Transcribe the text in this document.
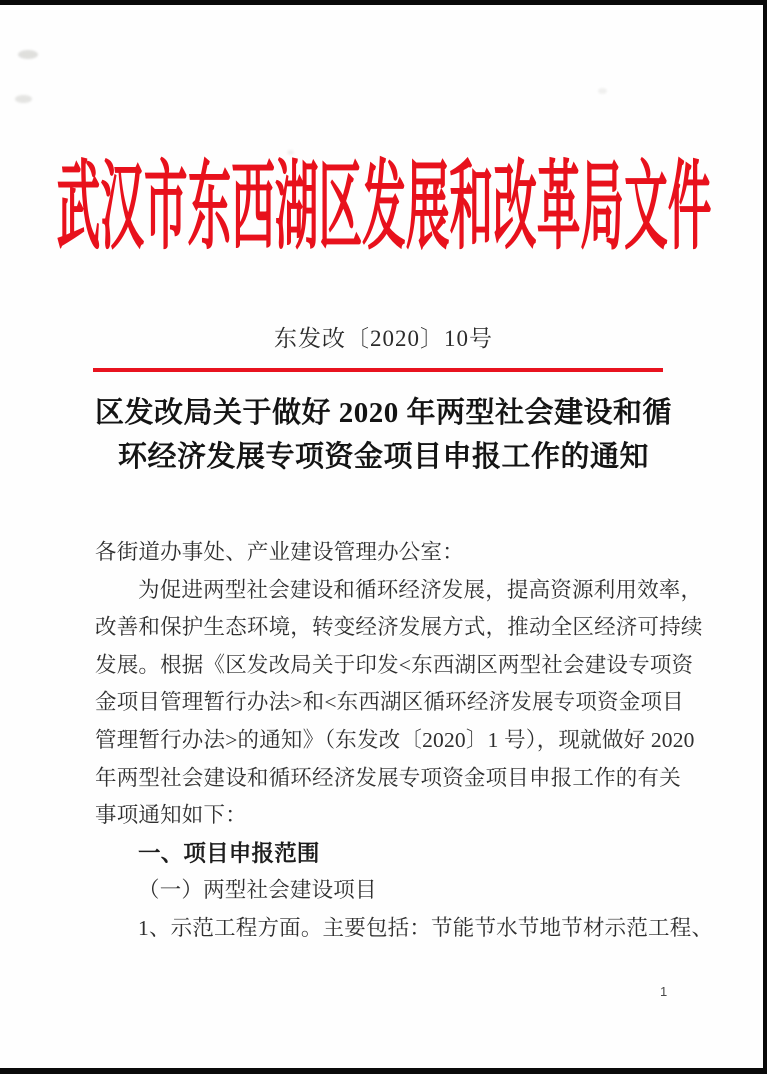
武汉市东西湖区发展和改革局文件
东发改〔2020〕10号
区发改局关于做好 2020 年两型社会建设和循
环经济发展专项资金项目申报工作的通知
各街道办事处、产业建设管理办公室：
为促进两型社会建设和循环经济发展，提高资源利用效率，
改善和保护生态环境，转变经济发展方式，推动全区经济可持续
发展。根据《区发改局关于印发<东西湖区两型社会建设专项资
金项目管理暂行办法>和<东西湖区循环经济发展专项资金项目
管理暂行办法>的通知》（东发改〔2020〕1 号），现就做好 2020
年两型社会建设和循环经济发展专项资金项目申报工作的有关
事项通知如下：
一、项目申报范围
（一）两型社会建设项目
1、示范工程方面。主要包括：节能节水节地节材示范工程、
1
